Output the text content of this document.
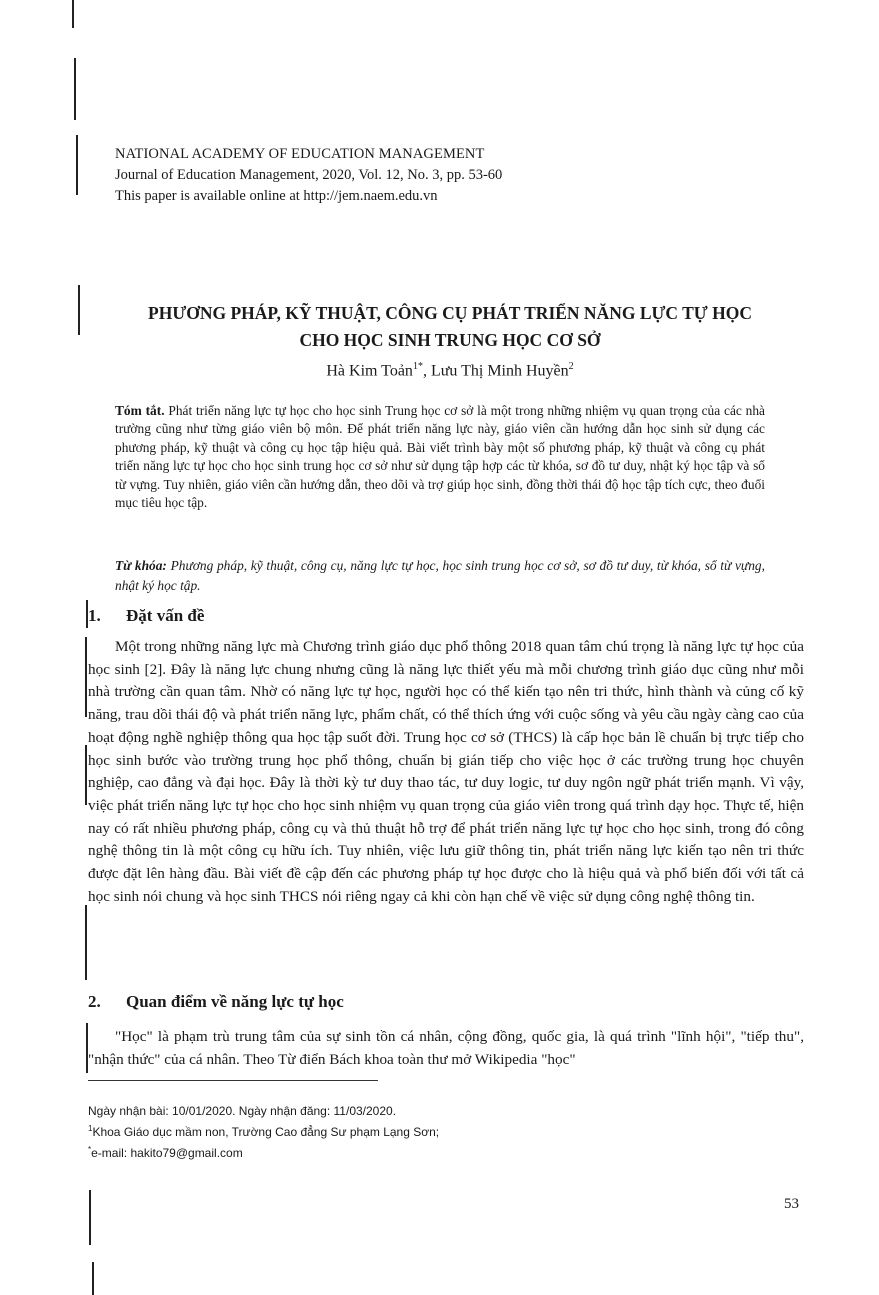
NATIONAL ACADEMY OF EDUCATION MANAGEMENT
Journal of Education Management, 2020, Vol. 12, No. 3, pp. 53-60
This paper is available online at http://jem.naem.edu.vn
PHƯƠNG PHÁP, KỸ THUẬT, CÔNG CỤ PHÁT TRIỂN NĂNG LỰC TỰ HỌC
CHO HỌC SINH TRUNG HỌC CƠ SỞ
Hà Kim Toản$^{1*}$, Lưu Thị Minh Huyền$^2$
Tóm tắt. Phát triển năng lực tự học cho học sinh Trung học cơ sở là một trong những nhiệm vụ quan trọng của các nhà trường cũng như từng giáo viên bộ môn. Để phát triển năng lực này, giáo viên cần hướng dẫn học sinh sử dụng các phương pháp, kỹ thuật và công cụ học tập hiệu quả. Bài viết trình bày một số phương pháp, kỹ thuật và công cụ phát triển năng lực tự học cho học sinh trung học cơ sở như sử dụng tập hợp các từ khóa, sơ đồ tư duy, nhật ký học tập và sổ từ vựng. Tuy nhiên, giáo viên cần hướng dẫn, theo dõi và trợ giúp học sinh, đồng thời thái độ học tập tích cực, theo đuổi mục tiêu học tập.
Từ khóa: Phương pháp, kỹ thuật, công cụ, năng lực tự học, học sinh trung học cơ sở, sơ đồ tư duy, từ khóa, sổ từ vựng, nhật ký học tập.
1. Đặt vấn đề
Một trong những năng lực mà Chương trình giáo dục phổ thông 2018 quan tâm chú trọng là năng lực tự học của học sinh [2]. Đây là năng lực chung nhưng cũng là năng lực thiết yếu mà mỗi chương trình giáo dục cũng như mỗi nhà trường cần quan tâm. Nhờ có năng lực tự học, người học có thể kiến tạo nên tri thức, hình thành và củng cố kỹ năng, trau dồi thái độ và phát triển năng lực, phẩm chất, có thể thích ứng với cuộc sống và yêu cầu ngày càng cao của hoạt động nghề nghiệp thông qua học tập suốt đời. Trung học cơ sở (THCS) là cấp học bản lề chuẩn bị trực tiếp cho học sinh bước vào trường trung học phổ thông, chuẩn bị gián tiếp cho việc học ở các trường trung học chuyên nghiệp, cao đẳng và đại học. Đây là thời kỳ tư duy thao tác, tư duy logic, tư duy ngôn ngữ phát triển mạnh. Vì vậy, việc phát triển năng lực tự học cho học sinh nhiệm vụ quan trọng của giáo viên trong quá trình dạy học. Thực tế, hiện nay có rất nhiều phương pháp, công cụ và thủ thuật hỗ trợ để phát triển năng lực tự học cho học sinh, trong đó công nghệ thông tin là một công cụ hữu ích. Tuy nhiên, việc lưu giữ thông tin, phát triển năng lực kiến tạo nên tri thức được đặt lên hàng đầu. Bài viết đề cập đến các phương pháp tự học được cho là hiệu quả và phổ biến đối với tất cả học sinh nói chung và học sinh THCS nói riêng ngay cả khi còn hạn chế về việc sử dụng công nghệ thông tin.
2. Quan điểm về năng lực tự học
"Học" là phạm trù trung tâm của sự sinh tồn cá nhân, cộng đồng, quốc gia, là quá trình "lĩnh hội", "tiếp thu", "nhận thức" của cá nhân. Theo Từ điển Bách khoa toàn thư mở Wikipedia "học"
Ngày nhận bài: 10/01/2020. Ngày nhận đăng: 11/03/2020.
$^1$Khoa Giáo dục mầm non, Trường Cao đẳng Sư phạm Lạng Sơn;
*e-mail: hakito79@gmail.com
53
